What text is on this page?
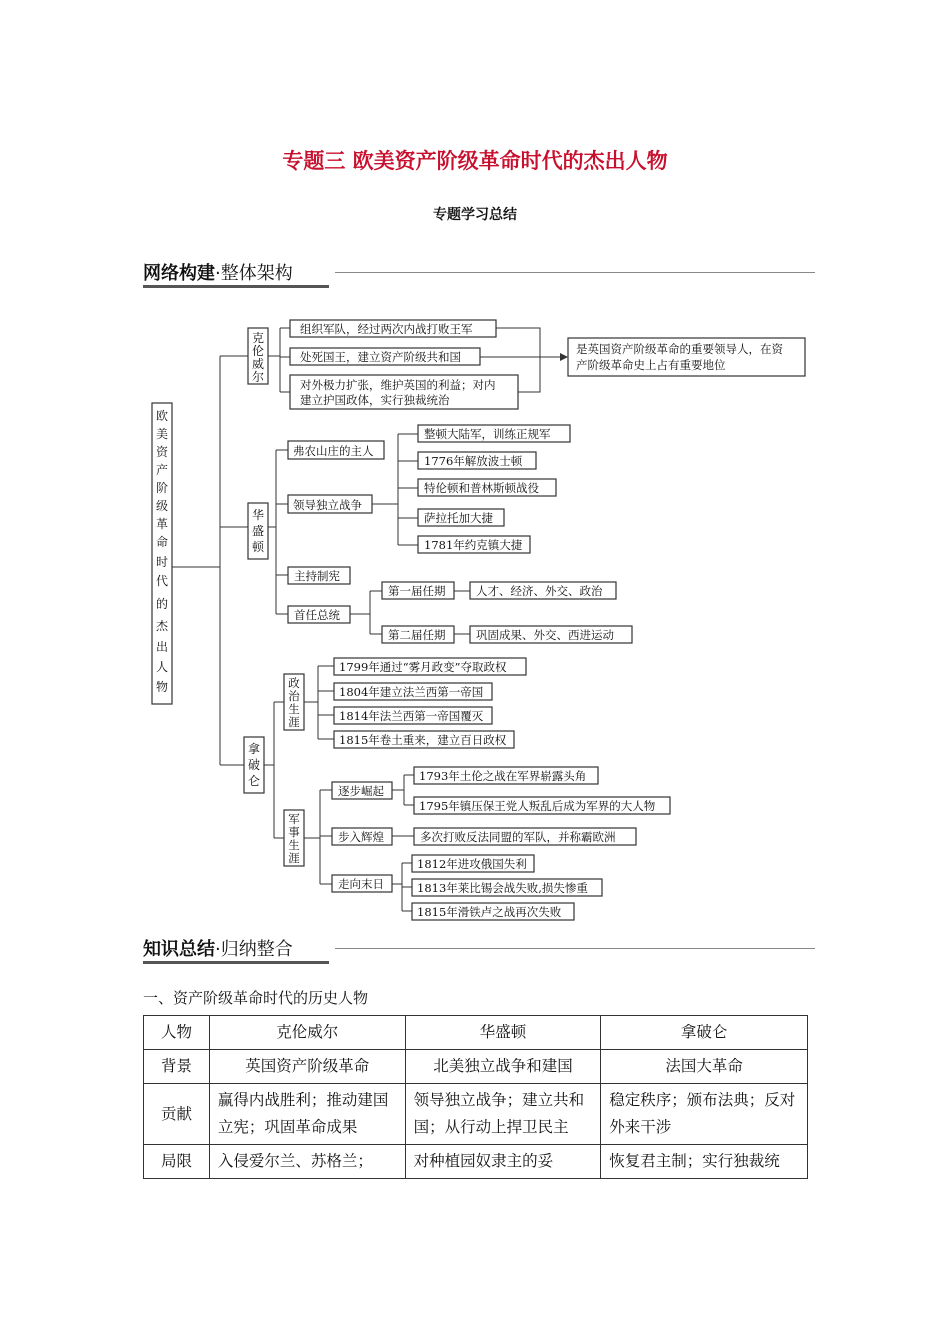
专题三 欧美资产阶级革命时代的杰出人物
专题学习总结
网络构建·整体架构
欧
美
资
产
阶
级
革
命
时
代
的
杰
出
人
物
克
伦
威
尔
组织军队，经过两次内战打败王军
处死国王，建立资产阶级共和国
对外极力扩张，维护英国的利益；对内
建立护国政体，实行独裁统治
是英国资产阶级革命的重要领导人，在资
产阶级革命史上占有重要地位
华
盛
顿
弗农山庄的主人
领导独立战争
整顿大陆军，训练正规军
1776年解放波士顿
特伦顿和普林斯顿战役
萨拉托加大捷
1781年约克镇大捷
主持制宪
首任总统
第一届任期	人才、经济、外交、政治
第二届任期	巩固成果、外交、西进运动
拿
破
仑
政
治
生
涯
1799年通过“雾月政变”夺取政权
1804年建立法兰西第一帝国
1814年法兰西第一帝国覆灭
1815年卷土重来，建立百日政权
军
事
生
涯
逐步崛起
1793年土伦之战在军界崭露头角
1795年镇压保王党人叛乱后成为军界的大人物
步入辉煌	多次打败反法同盟的军队，并称霸欧洲
走向末日
1812年进攻俄国失利
1813年莱比锡会战失败,损失惨重
1815年滑铁卢之战再次失败
知识总结·归纳整合
一、资产阶级革命时代的历史人物
人物	克伦威尔	华盛顿	拿破仑
背景	英国资产阶级革命	北美独立战争和建国	法国大革命
贡献	赢得内战胜利；推动建国立宪；巩固革命成果	领导独立战争；建立共和国；从行动上捍卫民主	稳定秩序；颁布法典；反对外来干涉
局限	入侵爱尔兰、苏格兰；	对种植园奴隶主的妥	恢复君主制；实行独裁统
